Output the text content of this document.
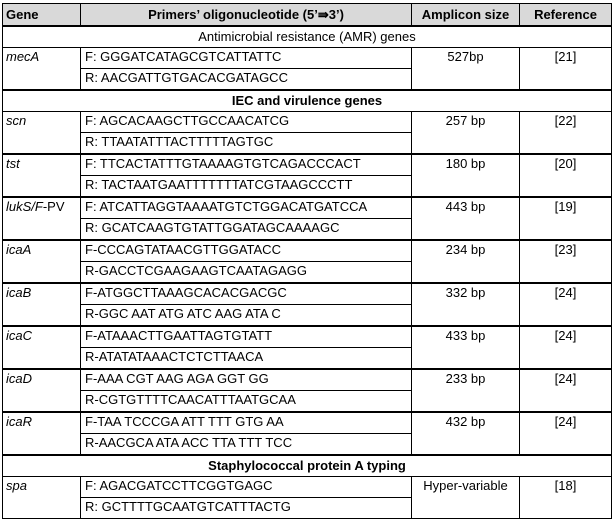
Gene	Primers’ oligonucleotide (5’⇛3’)	Amplicon size	Reference
Antimicrobial resistance (AMR) genes			
mecA	F: GGGATCATAGCGTCATTATTC	527bp	[21]
	R: AACGATTGTGACACGATAGCC		
IEC and virulence genes			
scn	F: AGCACAAGCTTGCCAACATCG	257 bp	[22]
	R: TTAATATTTACTTTTTAGTGC		
tst	F: TTCACTATTTGTAAAAGTGTCAGACCCACT	180 bp	[20]
	R: TACTAATGAATTTTTTTATCGTAAGCCCTT		
lukS/F-PV	F: ATCATTAGGTAAAATGTCTGGACATGATCCA	443 bp	[19]
	R: GCATCAAGTGTATTGGATAGCAAAAGC		
icaA	F-CCCAGTATAACGTTGGATACC	234 bp	[23]
	R-GACCTCGAAGAAGTCAATAGAGG		
icaB	F-ATGGCTTAAAGCACACGACGC	332 bp	[24]
	R-GGC AAT ATG ATC AAG ATA C		
icaC	F-ATAAACTTGAATTAGTGTATT	433 bp	[24]
	R-ATATATAAACTCTCTTAACA		
icaD	F-AAA CGT AAG AGA GGT GG	233 bp	[24]
	R-CGTGTTTTCAACATTTAATGCAA		
icaR	F-TAA TCCCGA ATT TTT GTG AA	432 bp	[24]
	R-AACGCA ATA ACC TTA TTT TCC		
Staphylococcal protein A typing			
spa	F: AGACGATCCTTCGGTGAGC	Hyper-variable	[18]
	R: GCTTTTGCAATGTCATTTACTG		
